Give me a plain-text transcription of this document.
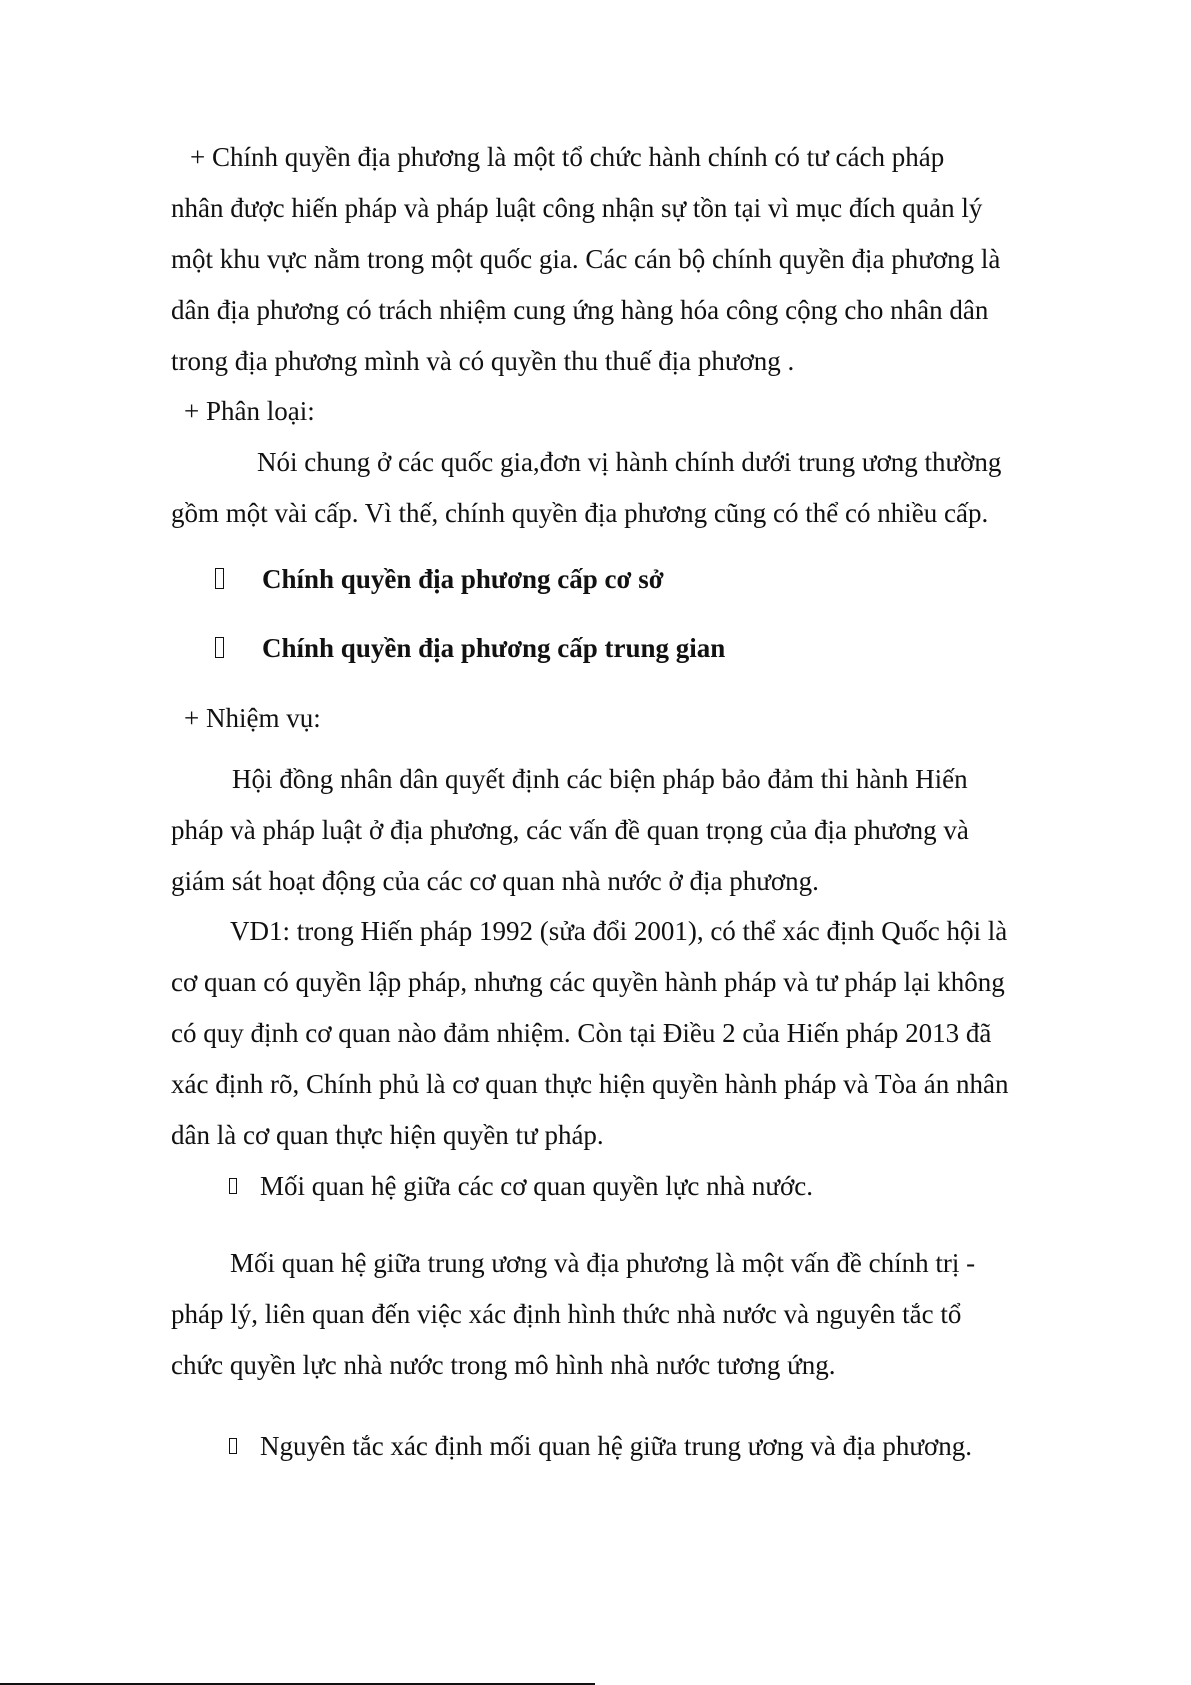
+ Chính quyền địa phương là một tổ chức hành chính có tư cách pháp
nhân được hiến pháp và pháp luật công nhận sự tồn tại vì mục đích quản lý
một khu vực nằm trong một quốc gia. Các cán bộ chính quyền địa phương là
dân địa phương có trách nhiệm cung ứng hàng hóa công cộng cho nhân dân
trong địa phương mình và có quyền thu thuế địa phương .
+ Phân loại:
Nói chung ở các quốc gia,đơn vị hành chính dưới trung ương thường
gồm một vài cấp. Vì thế, chính quyền địa phương cũng có thể có nhiều cấp.
Chính quyền địa phương cấp cơ sở
Chính quyền địa phương cấp trung gian
+ Nhiệm vụ:
Hội đồng nhân dân quyết định các biện pháp bảo đảm thi hành Hiến
pháp và pháp luật ở địa phương, các vấn đề quan trọng của địa phương và
giám sát hoạt động của các cơ quan nhà nước ở địa phương.
VD1: trong Hiến pháp 1992 (sửa đổi 2001), có thể xác định Quốc hội là
cơ quan có quyền lập pháp, nhưng các quyền hành pháp và tư pháp lại không
có quy định cơ quan nào đảm nhiệm. Còn tại Điều 2 của Hiến pháp 2013 đã
xác định rõ, Chính phủ là cơ quan thực hiện quyền hành pháp và Tòa án nhân
dân là cơ quan thực hiện quyền tư pháp.
Mối quan hệ giữa các cơ quan quyền lực nhà nước.
Mối quan hệ giữa trung ương và địa phương là một vấn đề chính trị -
pháp lý, liên quan đến việc xác định hình thức nhà nước và nguyên tắc tổ
chức quyền lực nhà nước trong mô hình nhà nước tương ứng.
Nguyên tắc xác định mối quan hệ giữa trung ương và địa phương.
